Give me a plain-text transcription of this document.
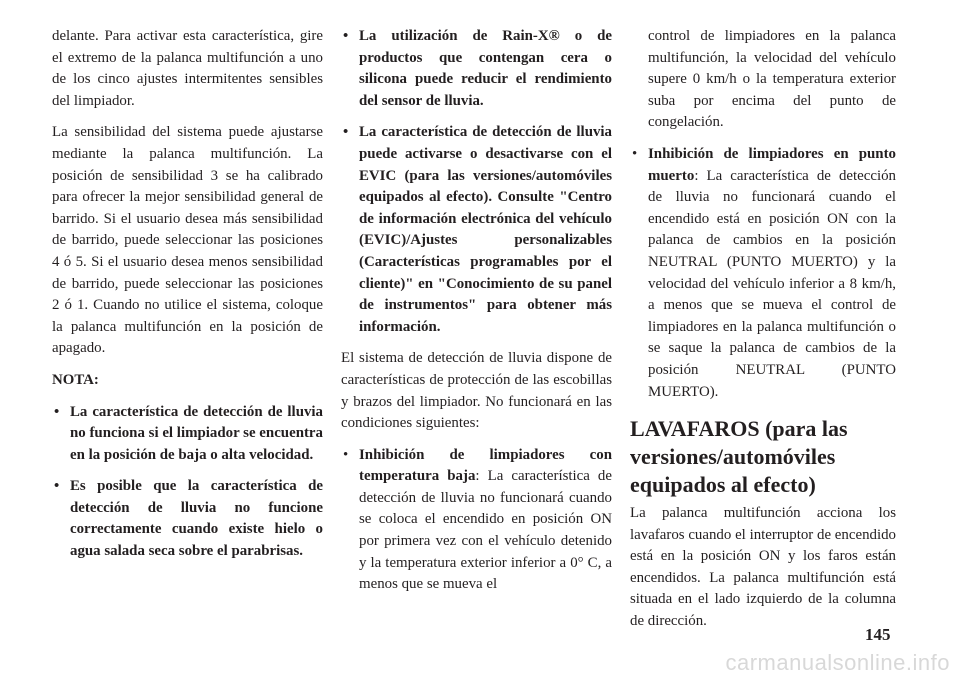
delante. Para activar esta característica, gire el extremo de la palanca multifunción a uno de los cinco ajustes intermitentes sensibles del limpiador.

La sensibilidad del sistema puede ajustarse mediante la palanca multifunción. La posición de sensibilidad 3 se ha calibrado para ofrecer la mejor sensibilidad general de barrido. Si el usuario desea más sensibilidad de barrido, puede seleccionar las posiciones 4 ó 5. Si el usuario desea menos sensibilidad de barrido, puede seleccionar las posiciones 2 ó 1. Cuando no utilice el sistema, coloque la palanca multifunción en la posición de apagado.

NOTA:
• La característica de detección de lluvia no funciona si el limpiador se encuentra en la posición de baja o alta velocidad.
• Es posible que la característica de detección de lluvia no funcione correctamente cuando existe hielo o agua salada seca sobre el parabrisas.
• La utilización de Rain-X® o de productos que contengan cera o silicona puede reducir el rendimiento del sensor de lluvia.
• La característica de detección de lluvia puede activarse o desactivarse con el EVIC (para las versiones/automóviles equipados al efecto). Consulte "Centro de información electrónica del vehículo (EVIC)/Ajustes personalizables (Características programables por el cliente)" en "Conocimiento de su panel de instrumentos" para obtener más información.

El sistema de detección de lluvia dispone de características de protección de las escobillas y brazos del limpiador. No funcionará en las condiciones siguientes:

• Inhibición de limpiadores con temperatura baja: La característica de detección de lluvia no funcionará cuando se coloca el encendido en posición ON por primera vez con el vehículo detenido y la temperatura exterior inferior a 0° C, a menos que se mueva el
control de limpiadores en la palanca multifunción, la velocidad del vehículo supere 0 km/h o la temperatura exterior suba por encima del punto de congelación.
• Inhibición de limpiadores en punto muerto: La característica de detección de lluvia no funcionará cuando el encendido está en posición ON con la palanca de cambios en la posición NEUTRAL (PUNTO MUERTO) y la velocidad del vehículo inferior a 8 km/h, a menos que se mueva el control de limpiadores en la palanca multifunción o se saque la palanca de cambios de la posición NEUTRAL (PUNTO MUERTO).
LAVAFAROS (para las versiones/automóviles equipados al efecto)

La palanca multifunción acciona los lavafaros cuando el interruptor de encendido está en la posición ON y los faros están encendidos. La palanca multifunción está situada en el lado izquierdo de la columna de dirección.

145
carmanualsonline.info
